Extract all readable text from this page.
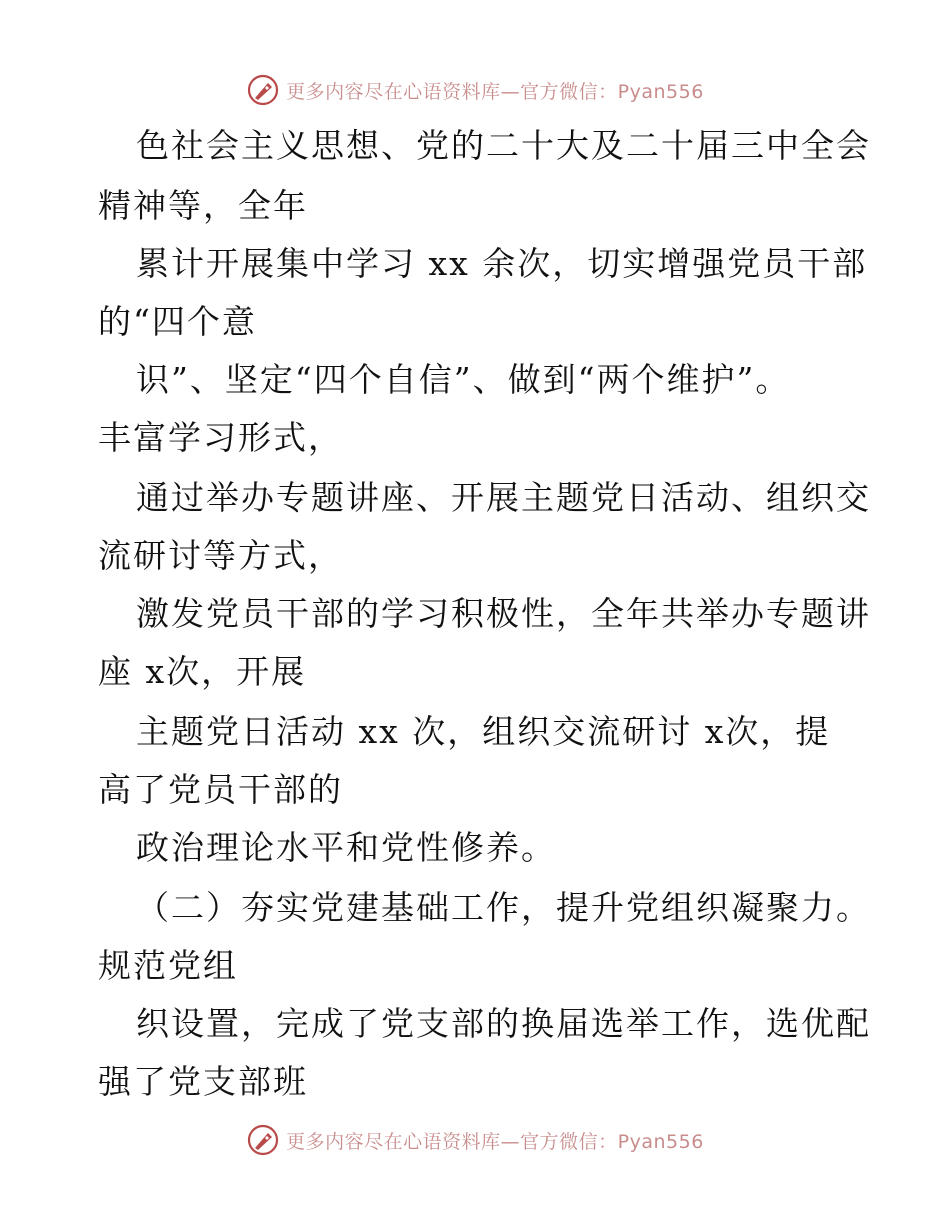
更多内容尽在心语资料库—官方微信：Pyan556
色社会主义思想、党的二十大及二十届三中全会
精神等，全年
累计开展集中学习 xx 余次，切实增强党员干部
的“四个意
识”、坚定“四个自信”、做到“两个维护”。
丰富学习形式，
通过举办专题讲座、开展主题党日活动、组织交
流研讨等方式，
激发党员干部的学习积极性，全年共举办专题讲
座 x次，开展
主题党日活动 xx 次，组织交流研讨 x次，提
高了党员干部的
政治理论水平和党性修养。
（二）夯实党建基础工作，提升党组织凝聚力。
规范党组
织设置，完成了党支部的换届选举工作，选优配
强了党支部班
更多内容尽在心语资料库—官方微信：Pyan556
